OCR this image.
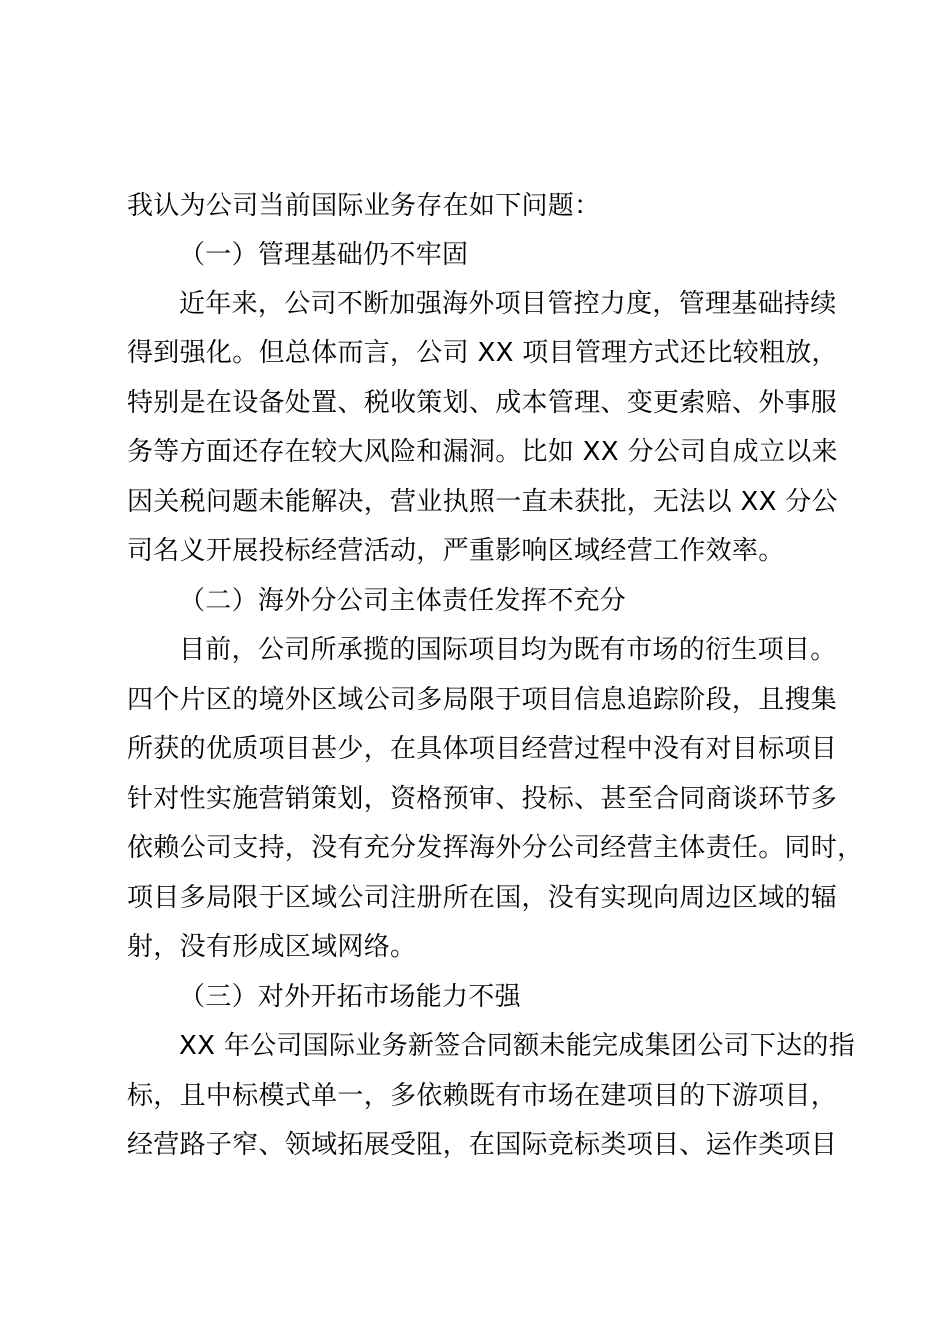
我认为公司当前国际业务存在如下问题：
（一）管理基础仍不牢固
近年来，公司不断加强海外项目管控力度，管理基础持续
得到强化。但总体而言，公司 XX 项目管理方式还比较粗放，
特别是在设备处置、税收策划、成本管理、变更索赔、外事服
务等方面还存在较大风险和漏洞。比如 XX 分公司自成立以来
因关税问题未能解决，营业执照一直未获批，无法以 XX 分公
司名义开展投标经营活动，严重影响区域经营工作效率。
（二）海外分公司主体责任发挥不充分
目前，公司所承揽的国际项目均为既有市场的衍生项目。
四个片区的境外区域公司多局限于项目信息追踪阶段，且搜集
所获的优质项目甚少，在具体项目经营过程中没有对目标项目
针对性实施营销策划，资格预审、投标、甚至合同商谈环节多
依赖公司支持，没有充分发挥海外分公司经营主体责任。同时，
项目多局限于区域公司注册所在国，没有实现向周边区域的辐
射，没有形成区域网络。
（三）对外开拓市场能力不强
XX 年公司国际业务新签合同额未能完成集团公司下达的指
标，且中标模式单一，多依赖既有市场在建项目的下游项目，
经营路子窄、领域拓展受阻，在国际竞标类项目、运作类项目
